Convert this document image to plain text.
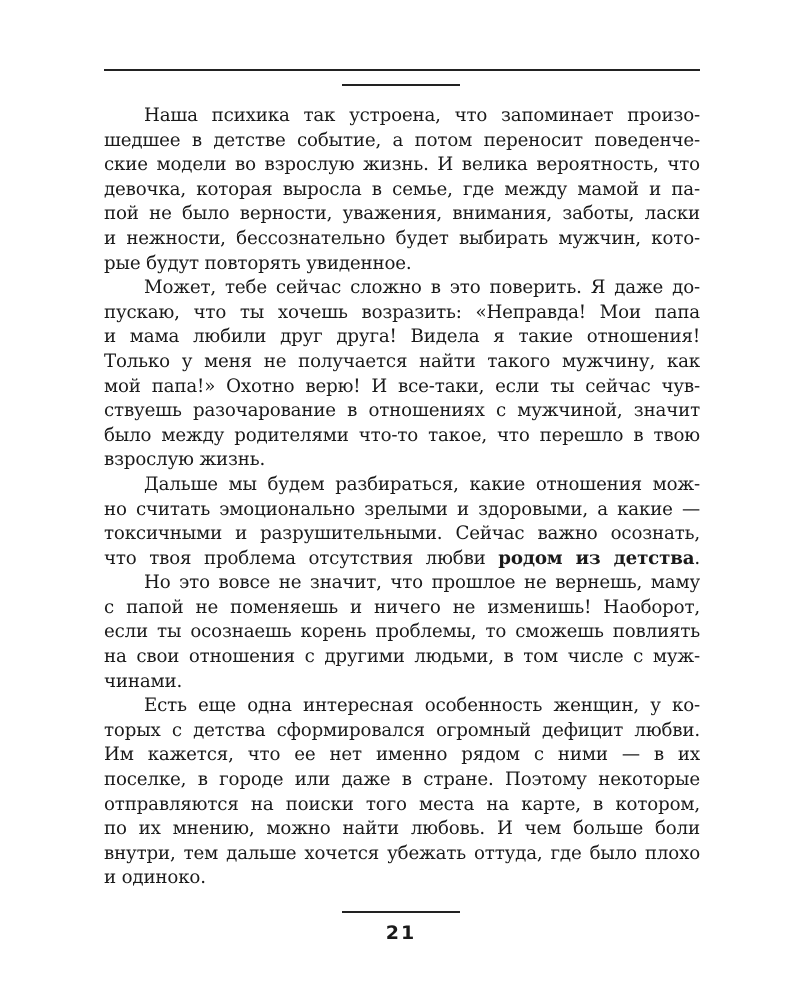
Наша психика так устроена, что запоминает произо-
шедшее в детстве событие, а потом переносит поведенче-
ские модели во взрослую жизнь. И велика вероятность, что
девочка, которая выросла в семье, где между мамой и па-
пой не было верности, уважения, внимания, заботы, ласки
и нежности, бессознательно будет выбирать мужчин, кото-
рые будут повторять увиденное.
Может, тебе сейчас сложно в это поверить. Я даже до-
пускаю, что ты хочешь возразить: «Неправда! Мои папа
и мама любили друг друга! Видела я такие отношения!
Только у меня не получается найти такого мужчину, как
мой папа!» Охотно верю! И все-таки, если ты сейчас чув-
ствуешь разочарование в отношениях с мужчиной, значит
было между родителями что-то такое, что перешло в твою
взрослую жизнь.
Дальше мы будем разбираться, какие отношения мож-
но считать эмоционально зрелыми и здоровыми, а какие —
токсичными и разрушительными. Сейчас важно осознать,
что твоя проблема отсутствия любви родом из детства.
Но это вовсе не значит, что прошлое не вернешь, маму
с папой не поменяешь и ничего не изменишь! Наоборот,
если ты осознаешь корень проблемы, то сможешь повлиять
на свои отношения с другими людьми, в том числе с муж-
чинами.
Есть еще одна интересная особенность женщин, у ко-
торых с детства сформировался огромный дефицит любви.
Им кажется, что ее нет именно рядом с ними — в их
поселке, в городе или даже в стране. Поэтому некоторые
отправляются на поиски того места на карте, в котором,
по их мнению, можно найти любовь. И чем больше боли
внутри, тем дальше хочется убежать оттуда, где было плохо
и одиноко.
21
